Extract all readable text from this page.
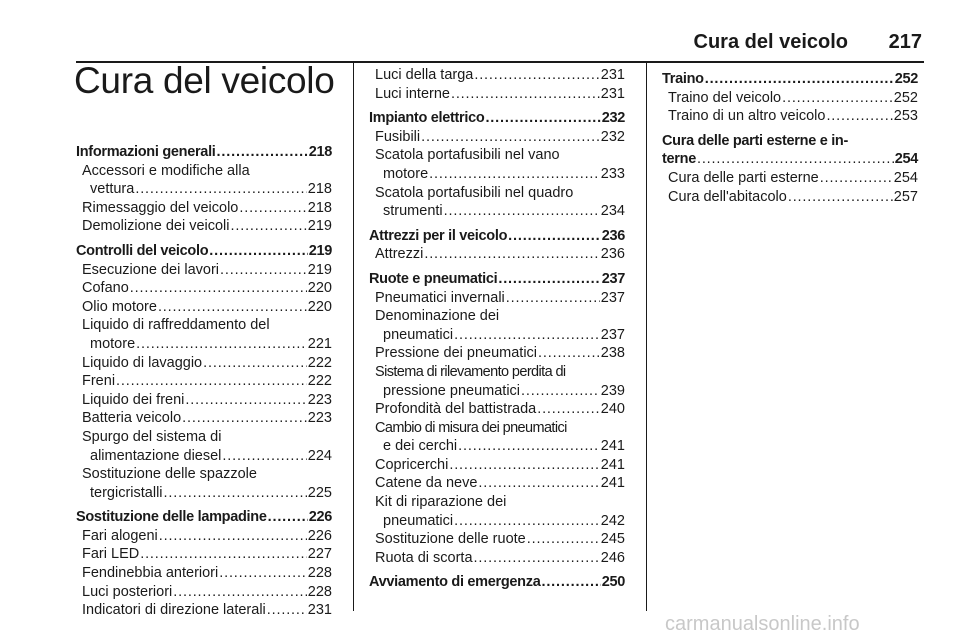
Cura del veicolo 217
Cura del veicolo
Informazioni generali . . .	218
Accessori e modifiche alla
vettura . . .	218
Rimessaggio del veicolo . . .	218
Demolizione dei veicoli . . .	219
Controlli del veicolo . . .	219
Esecuzione dei lavori . . .	219
Cofano . . .	220
Olio motore . . .	220
Liquido di raffreddamento del
motore . . .	221
Liquido di lavaggio . . .	222
Freni . . .	222
Liquido dei freni . . .	223
Batteria veicolo . . .	223
Spurgo del sistema di
alimentazione diesel . . .	224
Sostituzione delle spazzole
tergicristalli . . .	225
Sostituzione delle lampadine . . .	226
Fari alogeni . . .	226
Fari LED . . .	227
Fendinebbia anteriori . . .	228
Luci posteriori . . .	228
Indicatori di direzione laterali . . .	231
Luci della targa . . .	231
Luci interne . . .	231
Impianto elettrico . . .	232
Fusibili . . .	232
Scatola portafusibili nel vano
motore . . .	233
Scatola portafusibili nel quadro
strumenti . . .	234
Attrezzi per il veicolo . . .	236
Attrezzi . . .	236
Ruote e pneumatici . . .	237
Pneumatici invernali . . .	237
Denominazione dei
pneumatici . . .	237
Pressione dei pneumatici . . .	238
Sistema di rilevamento perdita di
pressione pneumatici . . .	239
Profondità del battistrada . . .	240
Cambio di misura dei pneumatici
e dei cerchi . . .	241
Copricerchi . . .	241
Catene da neve . . .	241
Kit di riparazione dei
pneumatici . . .	242
Sostituzione delle ruote . . .	245
Ruota di scorta . . .	246
Avviamento di emergenza . . .	250
Traino . . .	252
Traino del veicolo . . .	252
Traino di un altro veicolo . . .	253
Cura delle parti esterne e in-
terne . . .	254
Cura delle parti esterne . . .	254
Cura dell'abitacolo . . .	257
carmanualsonline.info
